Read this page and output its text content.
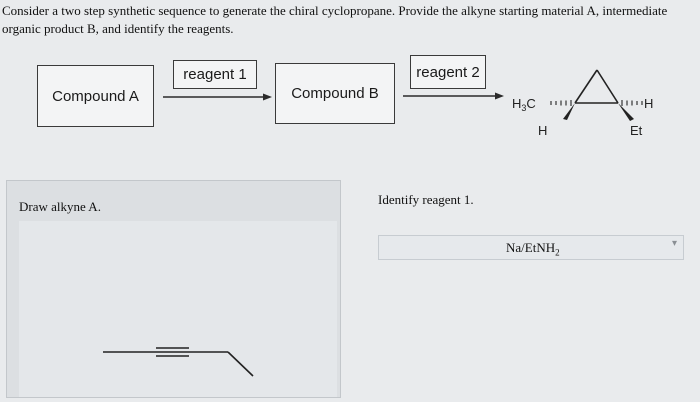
Consider a two step synthetic sequence to generate the chiral cyclopropane. Provide the alkyne starting material A, intermediate organic product B, and identify the reagents.
Compound A
reagent 1
Compound B
reagent 2
$H_3C$
H
H
Et
Draw alkyne A.	Identify reagent 1.
Na/EtNH$_2$
▾
